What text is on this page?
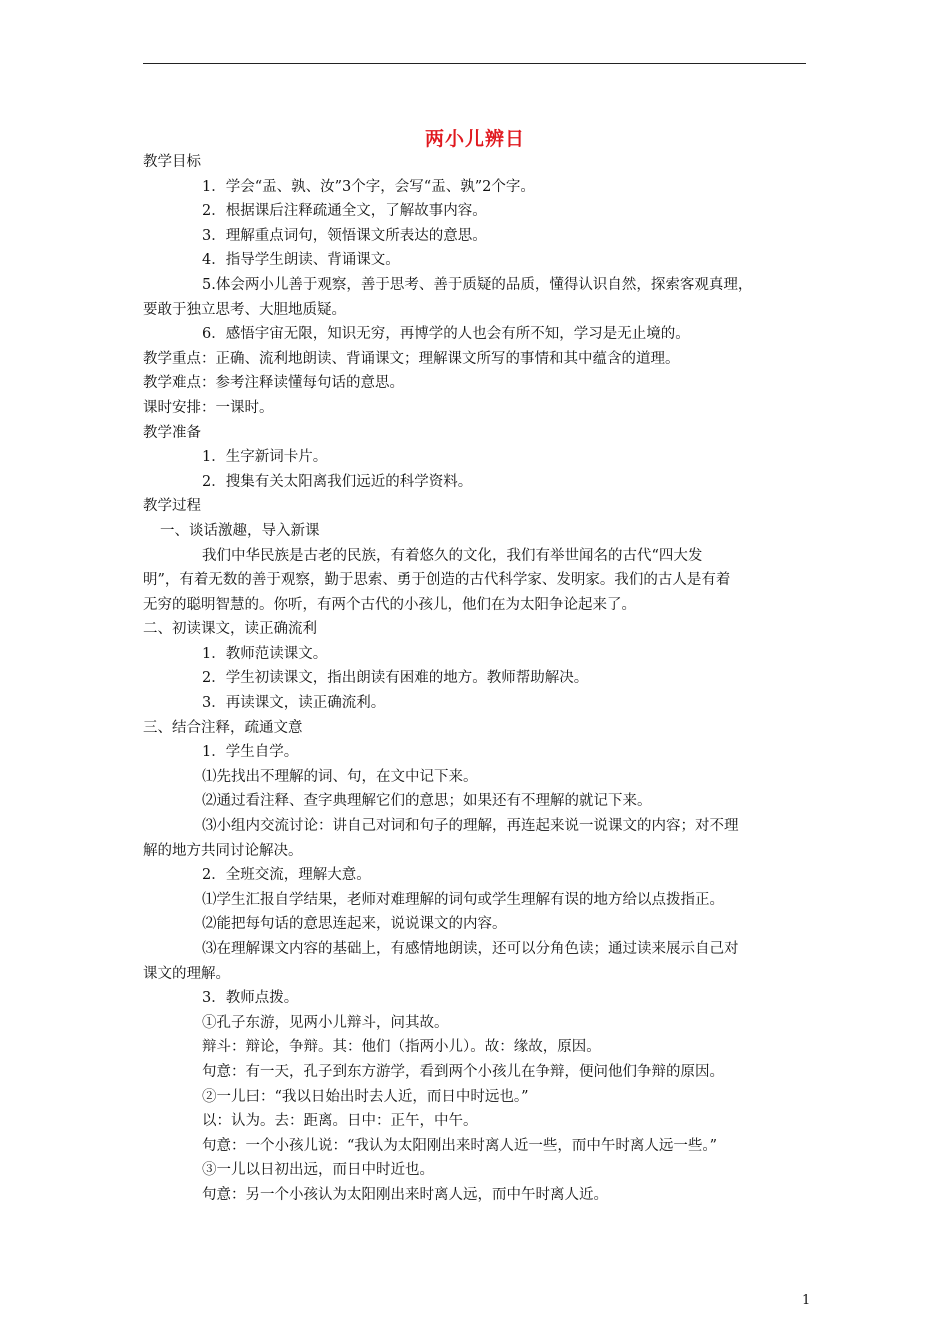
两小儿辨日

教学目标

1．学会“盂、孰、汝”3个字，会写“盂、孰”2个字。

2．根据课后注释疏通全文，了解故事内容。

3．理解重点词句，领悟课文所表达的意思。

4．指导学生朗读、背诵课文。

5.体会两小儿善于观察，善于思考、善于质疑的品质，懂得认识自然，探索客观真理，

要敢于独立思考、大胆地质疑。

6．感悟宇宙无限，知识无穷，再博学的人也会有所不知，学习是无止境的。

教学重点：正确、流利地朗读、背诵课文；理解课文所写的事情和其中蕴含的道理。

教学难点：参考注释读懂每句话的意思。

课时安排：一课时。

教学准备

1．生字新词卡片。

2．搜集有关太阳离我们远近的科学资料。

教学过程

一、谈话激趣，导入新课

我们中华民族是古老的民族，有着悠久的文化，我们有举世闻名的古代“四大发

明”，有着无数的善于观察，勤于思索、勇于创造的古代科学家、发明家。我们的古人是有着

无穷的聪明智慧的。你听，有两个古代的小孩儿，他们在为太阳争论起来了。

二、初读课文，读正确流利

1．教师范读课文。

2．学生初读课文，指出朗读有困难的地方。教师帮助解决。

3．再读课文，读正确流利。

三、结合注释，疏通文意

1．学生自学。

⑴先找出不理解的词、句，在文中记下来。

⑵通过看注释、查字典理解它们的意思；如果还有不理解的就记下来。

⑶小组内交流讨论：讲自己对词和句子的理解，再连起来说一说课文的内容；对不理

解的地方共同讨论解决。

2．全班交流，理解大意。

⑴学生汇报自学结果，老师对难理解的词句或学生理解有误的地方给以点拨指正。

⑵能把每句话的意思连起来，说说课文的内容。

⑶在理解课文内容的基础上，有感情地朗读，还可以分角色读；通过读来展示自己对

课文的理解。

3．教师点拨。

①孔子东游，见两小儿辩斗，问其故。

辩斗：辩论，争辩。其：他们（指两小儿）。故：缘故，原因。

句意：有一天，孔子到东方游学，看到两个小孩儿在争辩，便问他们争辩的原因。

②一儿曰：“我以日始出时去人近，而日中时远也。”

以：认为。去：距离。日中：正午，中午。

句意：一个小孩儿说：“我认为太阳刚出来时离人近一些，而中午时离人远一些。”

③一儿以日初出远，而日中时近也。

句意：另一个小孩认为太阳刚出来时离人远，而中午时离人近。

1
